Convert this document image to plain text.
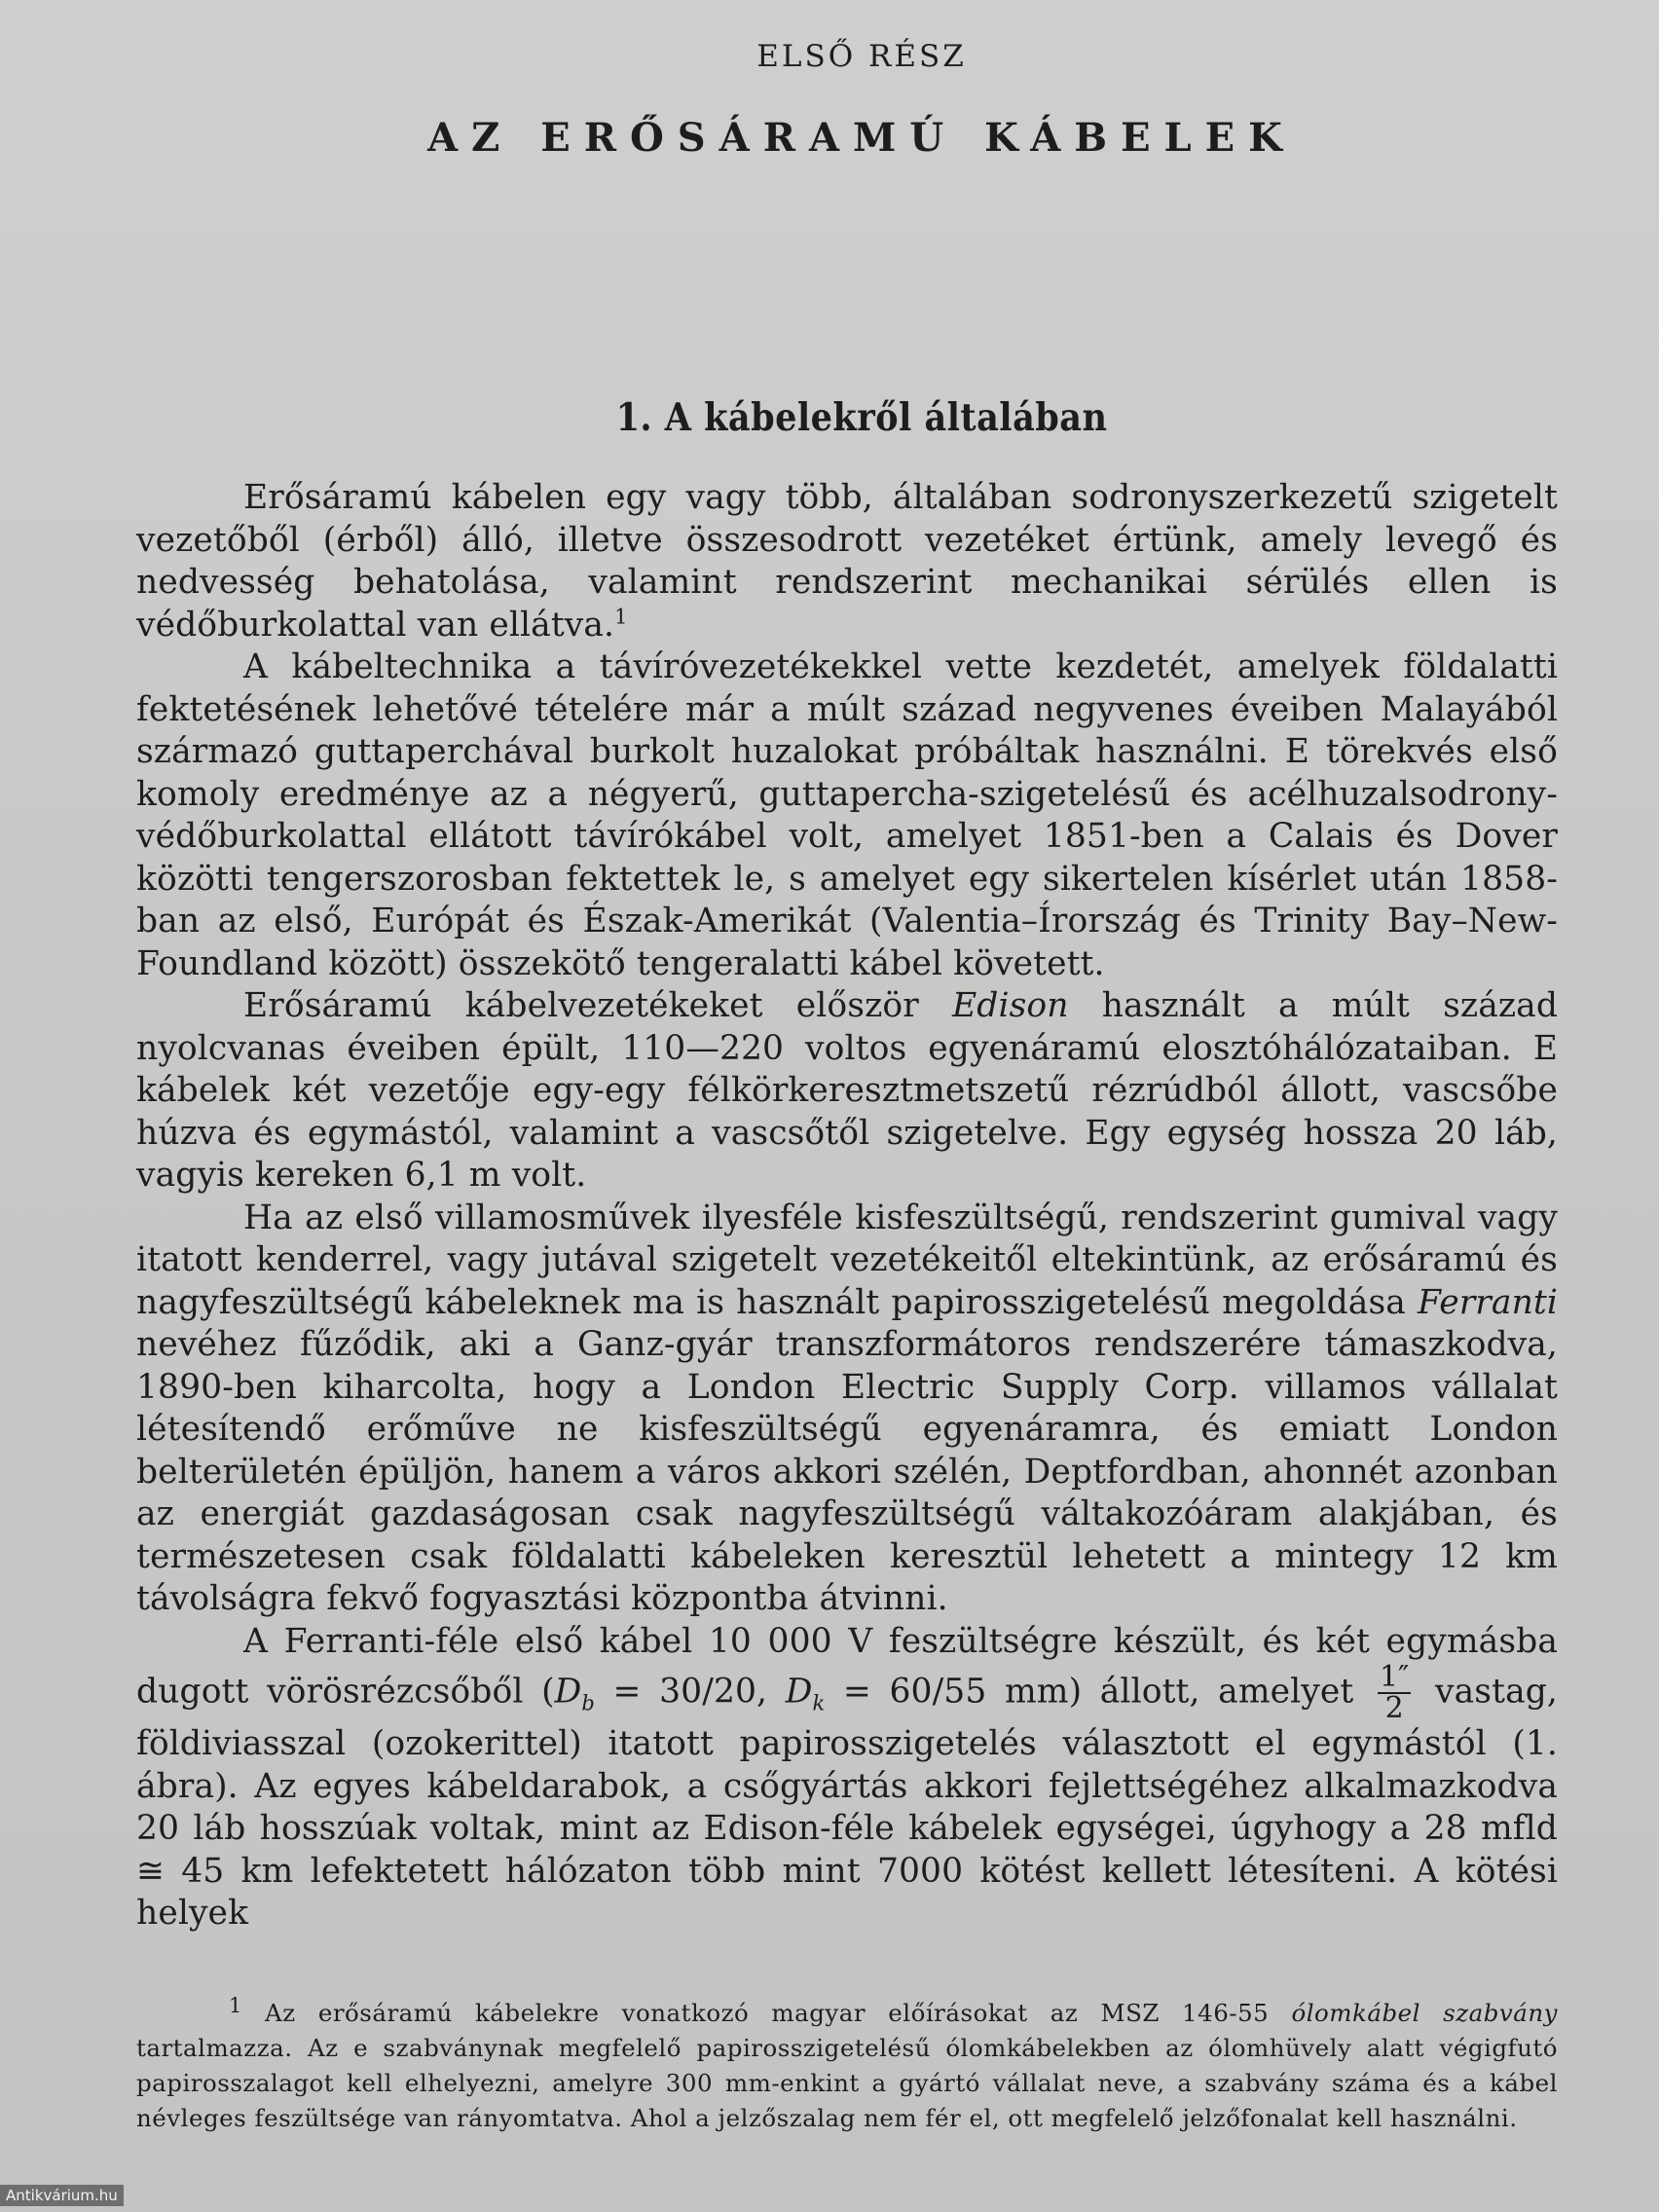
ELSŐ RÉSZ
AZ ERŐSÁRAMÚ KÁBELEK
1. A kábelekről általában

Erősáramú kábelen egy vagy több, általában sodronyszerkezetű szigetelt vezetőből (érből) álló, illetve összesodrott vezetéket értünk, amely levegő és nedvesség behatolása, valamint rendszerint mechanikai sérülés ellen is védőburkolattal van ellátva.$^1$

A kábeltechnika a távíróvezetékekkel vette kezdetét, amelyek földalatti fektetésének lehetővé tételére már a múlt század negyvenes éveiben Malayából származó guttaperchával burkolt huzalokat próbáltak használni. E törekvés első komoly eredménye az a négyerű, guttapercha-szigetelésű és acélhuzalsodrony-védőburkolattal ellátott távírókábel volt, amelyet 1851-ben a Calais és Dover közötti tengerszorosban fektettek le, s amelyet egy sikertelen kísérlet után 1858-ban az első, Európát és Észak-Amerikát (Valentia–Írország és Trinity Bay–New-Foundland között) összekötő tengeralatti kábel követett.

Erősáramú kábelvezetékeket először Edison használt a múlt század nyolcvanas éveiben épült, 110—220 voltos egyenáramú elosztóhálózataiban. E kábelek két vezetője egy-egy félkörkeresztmetszetű rézrúdból állott, vascsőbe húzva és egymástól, valamint a vascsőtől szigetelve. Egy egység hossza 20 láb, vagyis kereken 6,1 m volt.

Ha az első villamosművek ilyesféle kisfeszültségű, rendszerint gumival vagy itatott kenderrel, vagy jutával szigetelt vezetékeitől eltekintünk, az erősáramú és nagyfeszültségű kábeleknek ma is használt papirosszigetelésű megoldása Ferranti nevéhez fűződik, aki a Ganz-gyár transzformátoros rendszerére támaszkodva, 1890-ben kiharcolta, hogy a London Electric Supply Corp. villamos vállalat létesítendő erőműve ne kisfeszültségű egyenáramra, és emiatt London belterületén épüljön, hanem a város akkori szélén, Deptfordban, ahonnét azonban az energiát gazdaságosan csak nagyfeszültségű váltakozóáram alakjában, és természetesen csak földalatti kábeleken keresztül lehetett a mintegy 12 km távolságra fekvő fogyasztási központba átvinni.

A Ferranti-féle első kábel 10 000 V feszültségre készült, és két egymásba dugott vörösrézcsőből ($D_b = 30/20$, $D_k = 60/55$ mm) állott, amelyet $\frac{1''}{2}$ vastag, földiviasszal (ozokerittel) itatott papirosszigetelés választott el egymástól (1. ábra). Az egyes kábeldarabok, a csőgyártás akkori fejlettségéhez alkalmazkodva 20 láb hosszúak voltak, mint az Edison-féle kábelek egységei, úgyhogy a 28 mfld ≅ 45 km lefektetett hálózaton több mint 7000 kötést kellett létesíteni. A kötési helyek

$^1$ Az erősáramú kábelekre vonatkozó magyar előírásokat az MSZ 146-55 ólomkábel szabvány tartalmazza. Az e szabványnak megfelelő papirosszigetelésű ólomkábelekben az ólomhüvely alatt végigfutó papirosszalagot kell elhelyezni, amelyre 300 mm-enkint a gyártó vállalat neve, a szabvány száma és a kábel névleges feszültsége van rányomtatva. Ahol a jelzőszalag nem fér el, ott megfelelő jelzőfonalat kell használni.

Antikvárium.hu
